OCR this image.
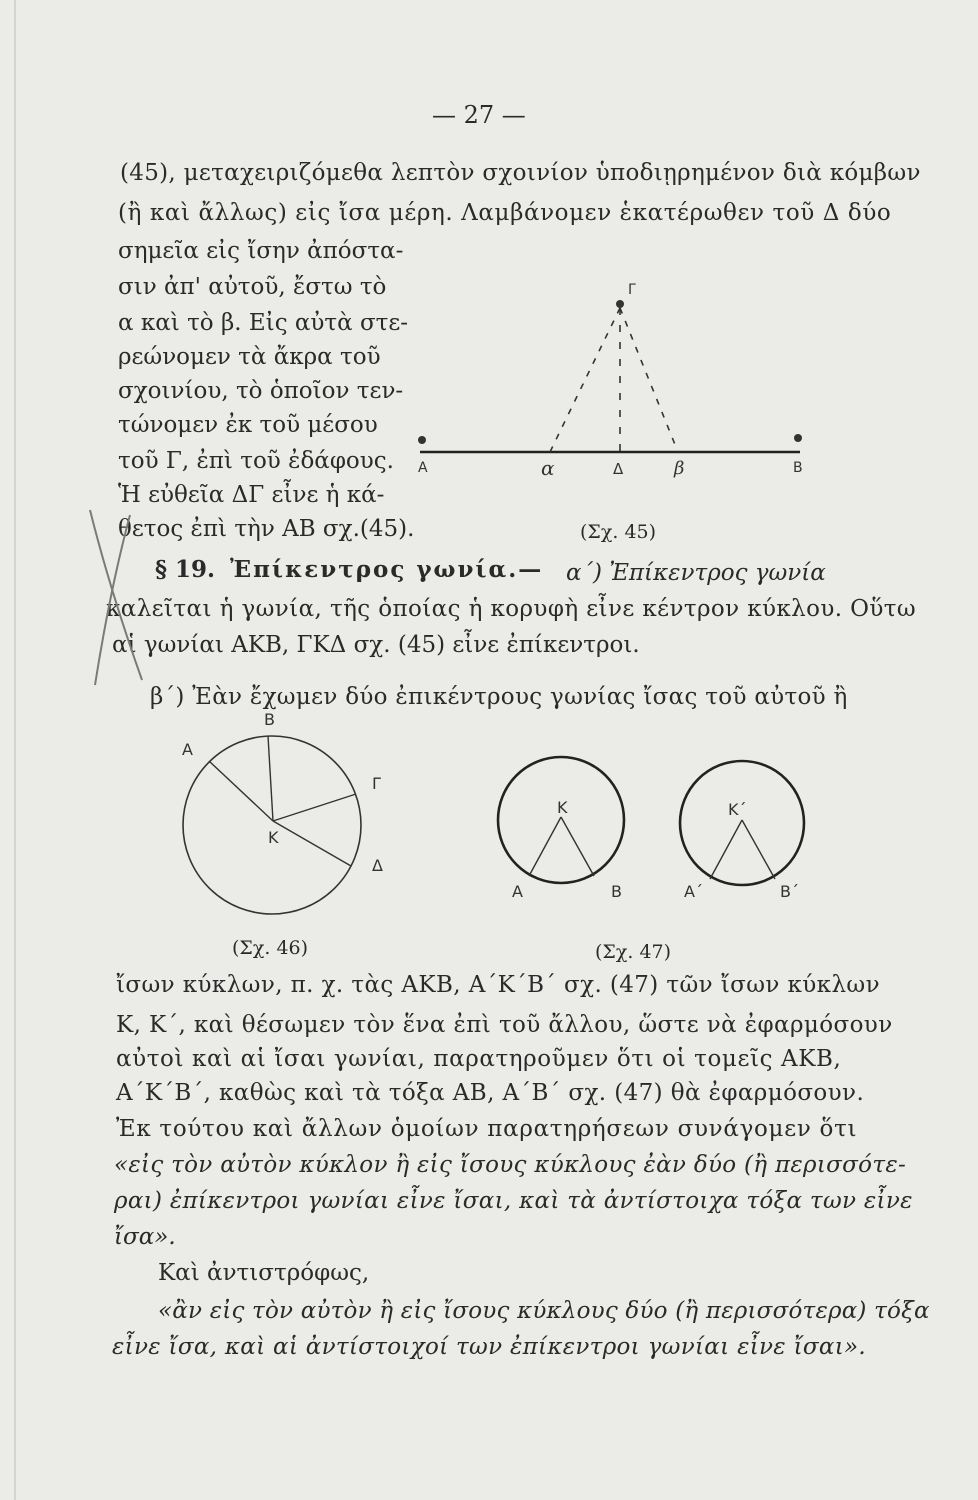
— 27 —
(45), μεταχειριζόμεθα λεπτὸν σχοινίον ὑποδιῃρημένον διὰ κόμβων
(ἢ καὶ ἄλλως) εἰς ἴσα μέρη. Λαμβάνομεν ἑκατέρωθεν τοῦ Δ δύο
σημεῖα εἰς ἴσην ἀπόστα-
σιν ἀπ' αὐτοῦ, ἔστω τὸ
α καὶ τὸ β. Εἰς αὐτὰ στε-
ρεώνομεν τὰ ἄκρα τοῦ
σχοινίου, τὸ ὁποῖον τεν-
τώνομεν ἐκ τοῦ μέσου
τοῦ Γ, ἐπὶ τοῦ ἐδάφους.
Ἡ εὐθεῖα ΔΓ εἶνε ἡ κά-
θετος ἐπὶ τὴν ΑΒ σχ.(45).
Γ
Α	α	Δ	β	Β
(Σχ. 45)
§ 19. Ἐπίκεντρος γωνία.— α΄) Ἐπίκεντρος γωνία
καλεῖται ἡ γωνία, τῆς ὁποίας ἡ κορυφὴ εἶνε κέντρον κύκλου. Οὕτω
αἱ γωνίαι ΑΚΒ, ΓΚΔ σχ. (45) εἶνε ἐπίκεντροι.
β΄) Ἐὰν ἔχωμεν δύο ἐπικέντρους γωνίας ἴσας τοῦ αὐτοῦ ἢ
Β
Α
Γ
Κ
Δ
(Σχ. 46)
Κ
Α	Β
Κ΄
Α΄	Β΄
(Σχ. 47)
ἴσων κύκλων, π. χ. τὰς ΑΚΒ, Α΄Κ΄Β΄ σχ. (47) τῶν ἴσων κύκλων
Κ, Κ΄, καὶ θέσωμεν τὸν ἕνα ἐπὶ τοῦ ἄλλου, ὥστε νὰ ἐφαρμόσουν
αὐτοὶ καὶ αἱ ἴσαι γωνίαι, παρατηροῦμεν ὅτι οἱ τομεῖς ΑΚΒ,
Α΄Κ΄Β΄, καθὼς καὶ τὰ τόξα ΑΒ, Α΄Β΄ σχ. (47) θὰ ἐφαρμόσουν.
Ἐκ τούτου καὶ ἄλλων ὁμοίων παρατηρήσεων συνάγομεν ὅτι
«εἰς τὸν αὐτὸν κύκλον ἢ εἰς ἴσους κύκλους ἐὰν δύο (ἢ περισσότε-
ραι) ἐπίκεντροι γωνίαι εἶνε ἴσαι, καὶ τὰ ἀντίστοιχα τόξα των εἶνε
ἴσα».
Καὶ ἀντιστρόφως,
«ἂν εἰς τὸν αὐτὸν ἢ εἰς ἴσους κύκλους δύο (ἢ περισσότερα) τόξα
εἶνε ἴσα, καὶ αἱ ἀντίστοιχοί των ἐπίκεντροι γωνίαι εἶνε ἴσαι».
